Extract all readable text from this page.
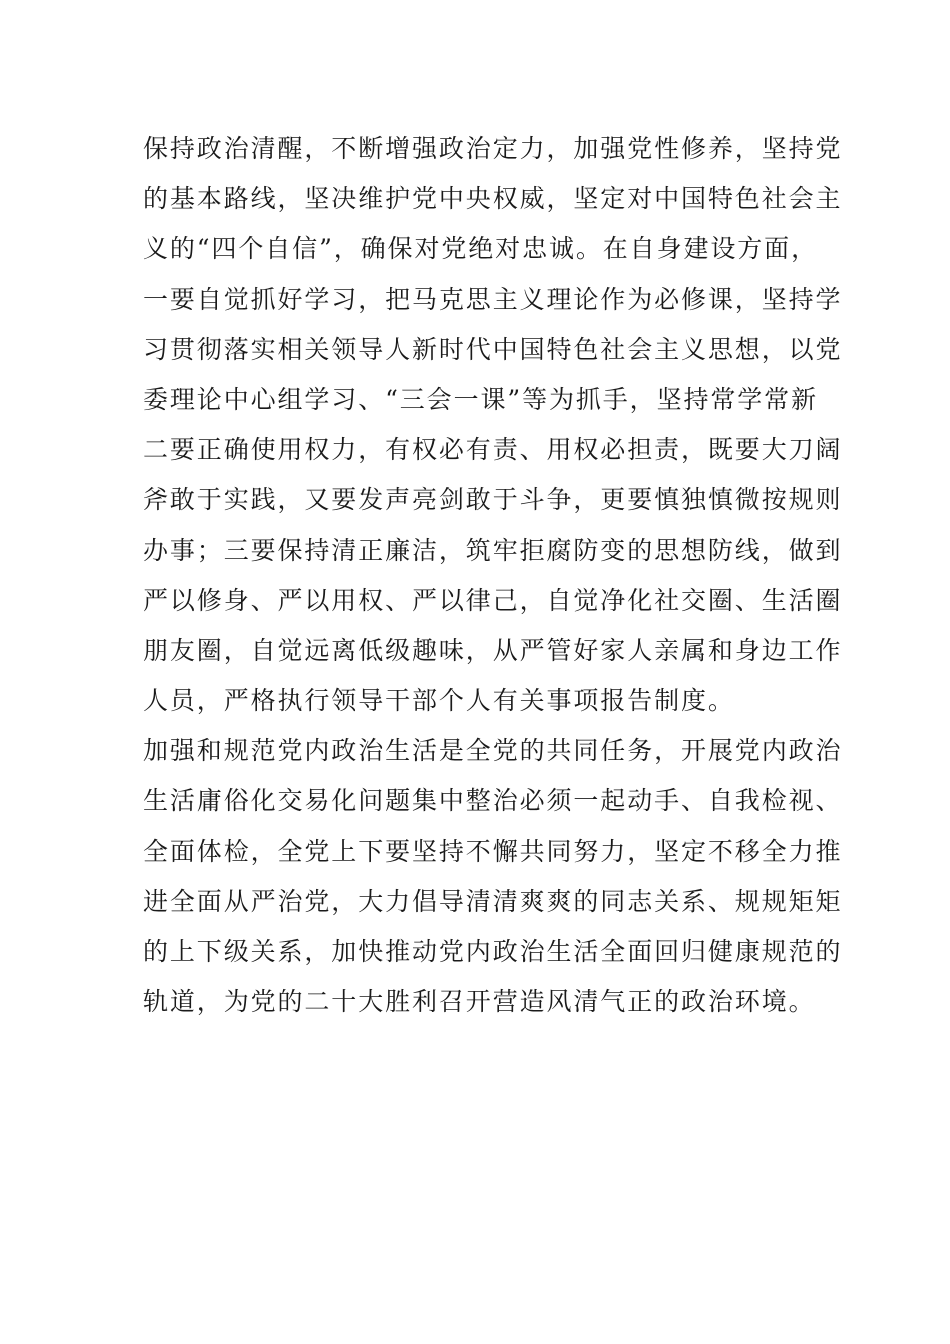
保持政治清醒，不断增强政治定力，加强党性修养，坚持党
的基本路线，坚决维护党中央权威，坚定对中国特色社会主
义的“四个自信”，确保对党绝对忠诚。在自身建设方面，
一要自觉抓好学习，把马克思主义理论作为必修课，坚持学
习贯彻落实相关领导人新时代中国特色社会主义思想，以党
委理论中心组学习、“三会一课”等为抓手，坚持常学常新
二要正确使用权力，有权必有责、用权必担责，既要大刀阔
斧敢于实践，又要发声亮剑敢于斗争，更要慎独慎微按规则
办事；三要保持清正廉洁，筑牢拒腐防变的思想防线，做到
严以修身、严以用权、严以律己，自觉净化社交圈、生活圈
朋友圈，自觉远离低级趣味，从严管好家人亲属和身边工作
人员，严格执行领导干部个人有关事项报告制度。
加强和规范党内政治生活是全党的共同任务，开展党内政治
生活庸俗化交易化问题集中整治必须一起动手、自我检视、
全面体检，全党上下要坚持不懈共同努力，坚定不移全力推
进全面从严治党，大力倡导清清爽爽的同志关系、规规矩矩
的上下级关系，加快推动党内政治生活全面回归健康规范的
轨道，为党的二十大胜利召开营造风清气正的政治环境。
